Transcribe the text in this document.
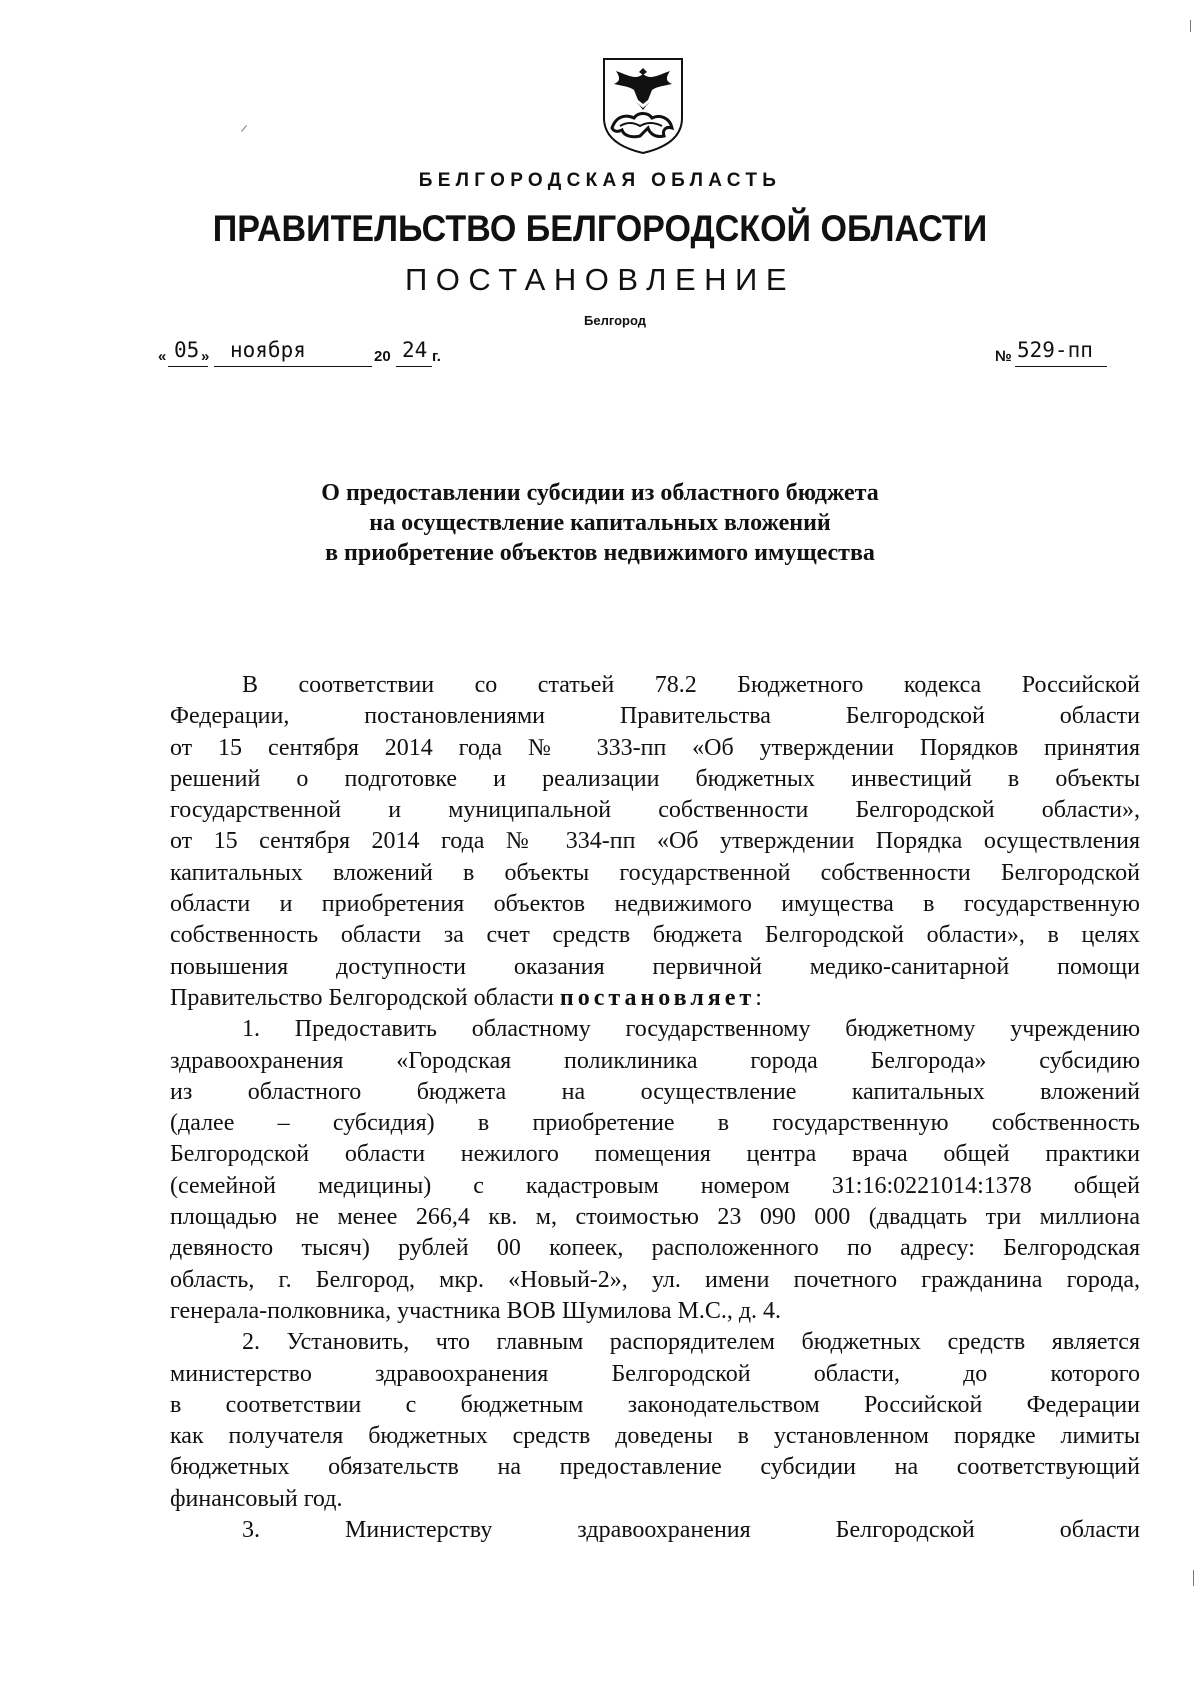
БЕЛГОРОДСКАЯ ОБЛАСТЬ
ПРАВИТЕЛЬСТВО БЕЛГОРОДСКОЙ ОБЛАСТИ
ПОСТАНОВЛЕНИЕ
Белгород
« 05 » ноября	20 24 г.	№ 529-пп
О предоставлении субсидии из областного бюджета
на осуществление капитальных вложений
в приобретение объектов недвижимого имущества
В соответствии со статьей 78.2 Бюджетного кодекса Российской
Федерации, постановлениями Правительства Белгородской области
от 15 сентября 2014 года № 333-пп «Об утверждении Порядков принятия
решений о подготовке и реализации бюджетных инвестиций в объекты
государственной и муниципальной собственности Белгородской области»,
от 15 сентября 2014 года № 334-пп «Об утверждении Порядка осуществления
капитальных вложений в объекты государственной собственности Белгородской
области и приобретения объектов недвижимого имущества в государственную
собственность области за счет средств бюджета Белгородской области», в целях
повышения доступности оказания первичной медико-санитарной помощи
Правительство Белгородской области постановляет:
1. Предоставить областному государственному бюджетному учреждению
здравоохранения «Городская поликлиника города Белгорода» субсидию
из областного бюджета на осуществление капитальных вложений
(далее – субсидия) в приобретение в государственную собственность
Белгородской области нежилого помещения центра врача общей практики
(семейной медицины) с кадастровым номером 31:16:0221014:1378 общей
площадью не менее 266,4 кв. м, стоимостью 23 090 000 (двадцать три миллиона
девяносто тысяч) рублей 00 копеек, расположенного по адресу: Белгородская
область, г. Белгород, мкр. «Новый-2», ул. имени почетного гражданина города,
генерала-полковника, участника ВОВ Шумилова М.С., д. 4.
2. Установить, что главным распорядителем бюджетных средств является
министерство здравоохранения Белгородской области, до которого
в соответствии с бюджетным законодательством Российской Федерации
как получателя бюджетных средств доведены в установленном порядке лимиты
бюджетных обязательств на предоставление субсидии на соответствующий
финансовый год.
3. Министерству здравоохранения Белгородской области
